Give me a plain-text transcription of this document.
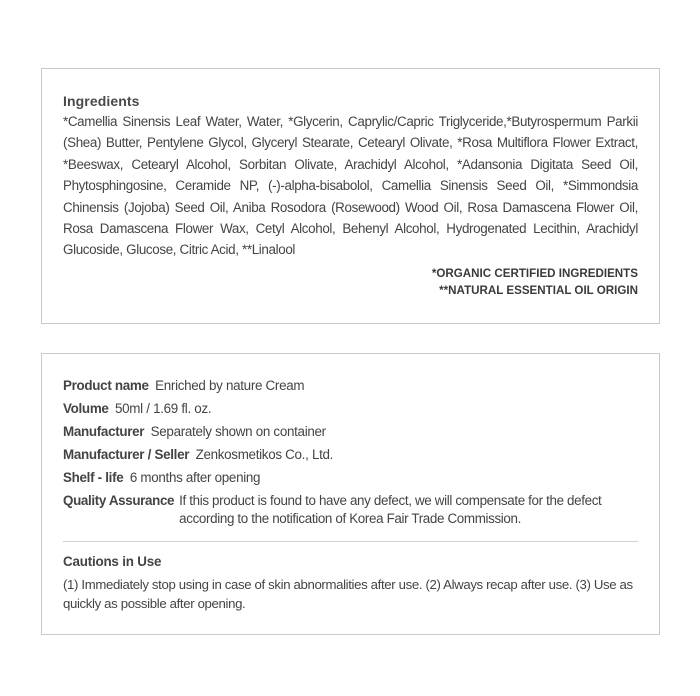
Ingredients
*Camellia Sinensis Leaf Water, Water, *Glycerin, Caprylic/Capric Triglyceride,*Butyrospermum Parkii (Shea) Butter, Pentylene Glycol, Glyceryl Stearate, Cetearyl Olivate, *Rosa Multiflora Flower Extract, *Beeswax, Cetearyl Alcohol, Sorbitan Olivate, Arachidyl Alcohol, *Adansonia Digitata Seed Oil, Phytosphingosine, Ceramide NP, (-)-alpha-bisabolol, Camellia Sinensis Seed Oil, *Simmondsia Chinensis (Jojoba) Seed Oil, Aniba Rosodora (Rosewood) Wood Oil, Rosa Damascena Flower Oil, Rosa Damascena Flower Wax, Cetyl Alcohol, Behenyl Alcohol, Hydrogenated Lecithin, Arachidyl Glucoside, Glucose, Citric Acid, **Linalool
*ORGANIC CERTIFIED INGREDIENTS
**NATURAL ESSENTIAL OIL ORIGIN
Product name Enriched by nature Cream
Volume 50ml / 1.69 fl. oz.
Manufacturer Separately shown on container
Manufacturer / Seller Zenkosmetikos Co., Ltd.
Shelf - life 6 months after opening
Quality Assurance If this product is found to have any defect, we will compensate for the defect
according to the notification of Korea Fair Trade Commission.
Cautions in Use
(1) Immediately stop using in case of skin abnormalities after use. (2) Always recap after use. (3) Use as quickly as possible after opening.
